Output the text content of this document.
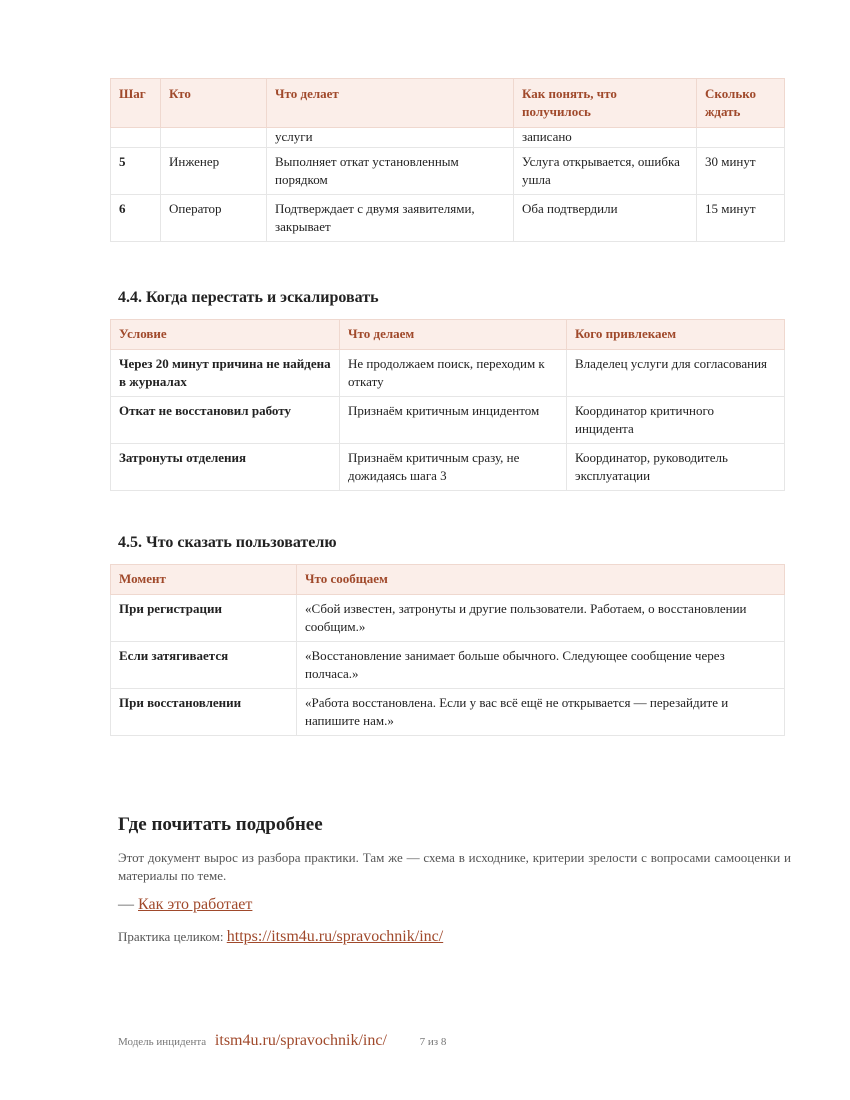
Шаг	Кто	Что делает	Как понять, что получилось	Сколько ждать
		услуги	записано	
5	Инженер	Выполняет откат установленным порядком	Услуга открывается, ошибка ушла	30 минут
6	Оператор	Подтверждает с двумя заявителями, закрывает	Оба подтвердили	15 минут
4.4. Когда перестать и эскалировать
Условие	Что делаем	Кого привлекаем
Через 20 минут причина не найдена в журналах	Не продолжаем поиск, переходим к откату	Владелец услуги для согласования
Откат не восстановил работу	Признаём критичным инцидентом	Координатор критичного инцидента
Затронуты отделения	Признаём критичным сразу, не дожидаясь шага 3	Координатор, руководитель эксплуатации
4.5. Что сказать пользователю
Момент	Что сообщаем
При регистрации	«Сбой известен, затронуты и другие пользователи. Работаем, о восстановлении сообщим.»
Если затягивается	«Восстановление занимает больше обычного. Следующее сообщение через полчаса.»
При восстановлении	«Работа восстановлена. Если у вас всё ещё не открывается — перезайдите и напишите нам.»
Где почитать подробнее

Этот документ вырос из разбора практики. Там же — схема в исходнике, критерии зрелости с вопросами самооценки и материалы по теме.

— Как это работает

Практика целиком: https://itsm4u.ru/spravochnik/inc/

Модель инцидента itsm4u.ru/spravochnik/inc/	7 из 8
